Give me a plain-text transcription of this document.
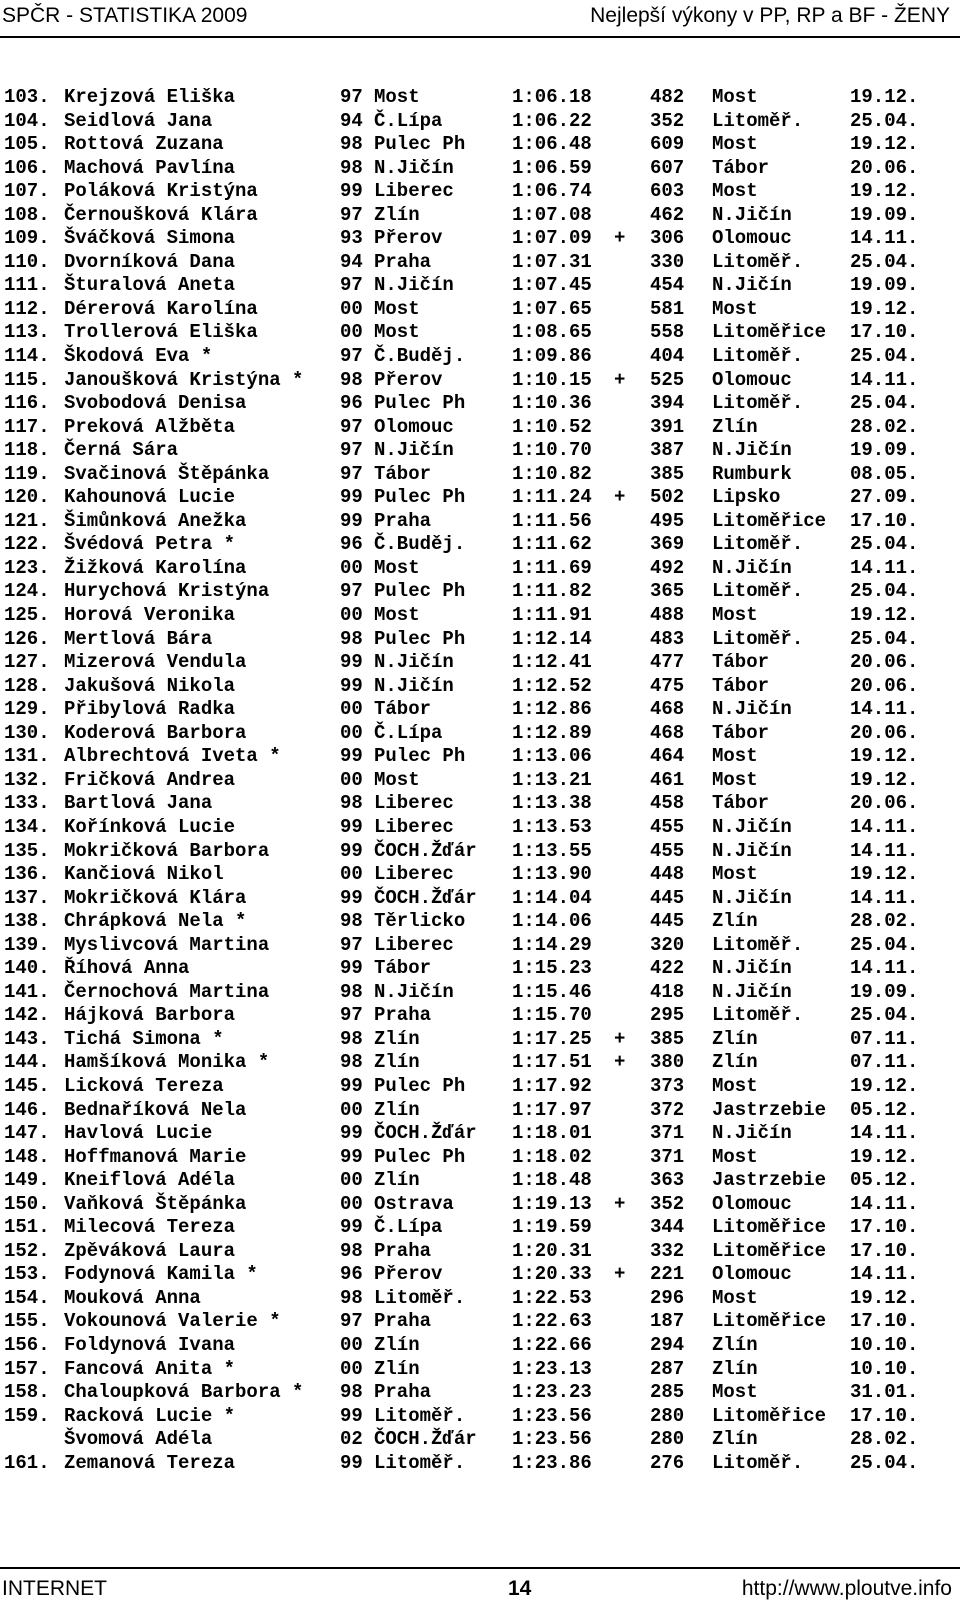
SPČR - STATISTIKA 2009	Nejlepší výkony v PP, RP a BF - ŽENY
103. Krejzová Eliška	97 Most	1:06.18	482 Most	19.12.
104. Seidlová Jana	94 Č.Lípa	1:06.22	352 Litoměř. 25.04.
105. Rottová Zuzana	98 Pulec Ph 1:06.48	609 Most	19.12.
106. Machová Pavlína	98 N.Jičín	1:06.59	607 Tábor	20.06.
107. Poláková Kristýna	99 Liberec	1:06.74	603 Most	19.12.
108. Černoušková Klára	97 Zlín	1:07.08	462 N.Jičín	19.09.
109. Šváčková Simona	93 Přerov	1:07.09 + 306 Olomouc	14.11.
110. Dvorníková Dana	94 Praha	1:07.31	330 Litoměř. 25.04.
111. Šturalová Aneta	97 N.Jičín	1:07.45	454 N.Jičín	19.09.
112. Dérerová Karolína	00 Most	1:07.65	581 Most	19.12.
113. Trollerová Eliška	00 Most	1:08.65	558 Litoměřice 17.10.
114. Škodová Eva *	97 Č.Buděj. 1:09.86	404 Litoměř. 25.04.
115. Janoušková Kristýna * 98 Přerov	1:10.15 + 525 Olomouc	14.11.
116. Svobodová Denisa	96 Pulec Ph 1:10.36	394 Litoměř. 25.04.
117. Preková Alžběta	97 Olomouc	1:10.52	391 Zlín	28.02.
118. Černá Sára	97 N.Jičín	1:10.70	387 N.Jičín	19.09.
119. Svačinová Štěpánka	97 Tábor	1:10.82	385 Rumburk	08.05.
120. Kahounová Lucie	99 Pulec Ph 1:11.24 + 502 Lipsko	27.09.
121. Šimůnková Anežka	99 Praha	1:11.56	495 Litoměřice 17.10.
122. Švédová Petra *	96 Č.Buděj. 1:11.62	369 Litoměř. 25.04.
123. Žižková Karolína	00 Most	1:11.69	492 N.Jičín	14.11.
124. Hurychová Kristýna	97 Pulec Ph 1:11.82	365 Litoměř. 25.04.
125. Horová Veronika	00 Most	1:11.91	488 Most	19.12.
126. Mertlová Bára	98 Pulec Ph 1:12.14	483 Litoměř. 25.04.
127. Mizerová Vendula	99 N.Jičín	1:12.41	477 Tábor	20.06.
128. Jakušová Nikola	99 N.Jičín	1:12.52	475 Tábor	20.06.
129. Přibylová Radka	00 Tábor	1:12.86	468 N.Jičín	14.11.
130. Koderová Barbora	00 Č.Lípa	1:12.89	468 Tábor	20.06.
131. Albrechtová Iveta *	99 Pulec Ph 1:13.06	464 Most	19.12.
132. Fričková Andrea	00 Most	1:13.21	461 Most	19.12.
133. Bartlová Jana	98 Liberec	1:13.38	458 Tábor	20.06.
134. Kořínková Lucie	99 Liberec	1:13.53	455 N.Jičín	14.11.
135. Mokričková Barbora	99 ČOCH.Žďár 1:13.55	455 N.Jičín	14.11.
136. Kančiová Nikol	00 Liberec	1:13.90	448 Most	19.12.
137. Mokričková Klára	99 ČOCH.Žďár 1:14.04	445 N.Jičín	14.11.
138. Chrápková Nela *	98 Těrlicko 1:14.06	445 Zlín	28.02.
139. Myslivcová Martina	97 Liberec	1:14.29	320 Litoměř. 25.04.
140. Říhová Anna	99 Tábor	1:15.23	422 N.Jičín	14.11.
141. Černochová Martina	98 N.Jičín	1:15.46	418 N.Jičín	19.09.
142. Hájková Barbora	97 Praha	1:15.70	295 Litoměř. 25.04.
143. Tichá Simona *	98 Zlín	1:17.25 + 385 Zlín	07.11.
144. Hamšíková Monika *	98 Zlín	1:17.51 + 380 Zlín	07.11.
145. Licková Tereza	99 Pulec Ph 1:17.92	373 Most	19.12.
146. Bednaříková Nela	00 Zlín	1:17.97	372 Jastrzebie 05.12.
147. Havlová Lucie	99 ČOCH.Žďár 1:18.01	371 N.Jičín	14.11.
148. Hoffmanová Marie	99 Pulec Ph 1:18.02	371 Most	19.12.
149. Kneiflová Adéla	00 Zlín	1:18.48	363 Jastrzebie 05.12.
150. Vaňková Štěpánka	00 Ostrava	1:19.13 + 352 Olomouc	14.11.
151. Milecová Tereza	99 Č.Lípa	1:19.59	344 Litoměřice 17.10.
152. Zpěváková Laura	98 Praha	1:20.31	332 Litoměřice 17.10.
153. Fodynová Kamila *	96 Přerov	1:20.33 + 221 Olomouc	14.11.
154. Mouková Anna	98 Litoměř. 1:22.53	296 Most	19.12.
155. Vokounová Valerie *	97 Praha	1:22.63	187 Litoměřice 17.10.
156. Foldynová Ivana	00 Zlín	1:22.66	294 Zlín	10.10.
157. Fancová Anita *	00 Zlín	1:23.13	287 Zlín	10.10.
158. Chaloupková Barbora * 98 Praha	1:23.23	285 Most	31.01.
159. Racková Lucie *	99 Litoměř. 1:23.56	280 Litoměřice 17.10.
Švomová Adéla	02 ČOCH.Žďár 1:23.56	280 Zlín	28.02.
161. Zemanová Tereza	99 Litoměř. 1:23.86	276 Litoměř. 25.04.
INTERNET	14	http://www.ploutve.info
